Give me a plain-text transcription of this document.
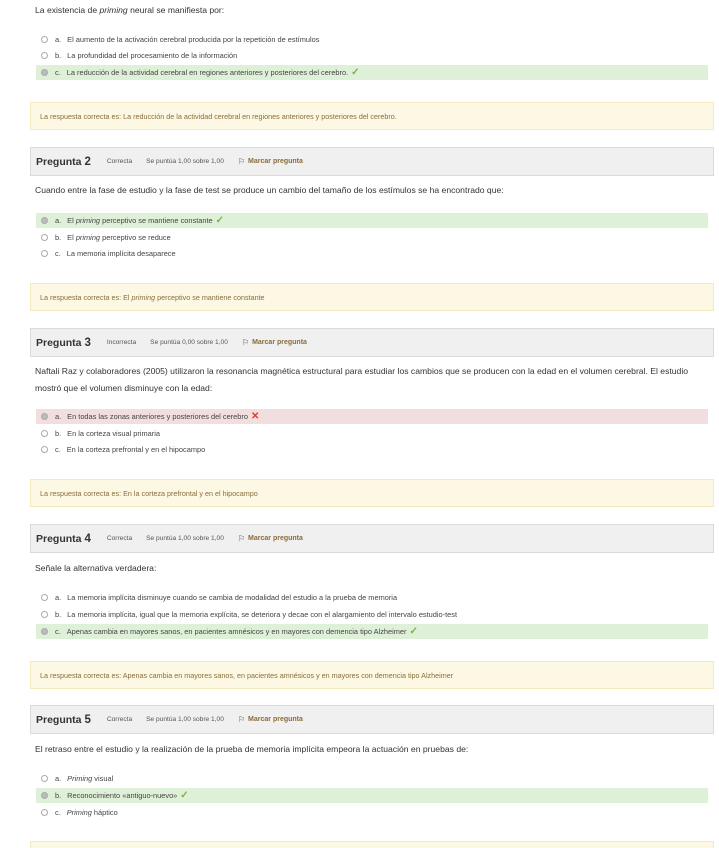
La existencia de priming neural se manifiesta por:
a. El aumento de la activación cerebral producida por la repetición de estímulos
b. La profundidad del procesamiento de la información
c. La reducción de la actividad cerebral en regiones anteriores y posteriores del cerebro. ✓
La respuesta correcta es: La reducción de la actividad cerebral en regiones anteriores y posteriores del cerebro.
Pregunta 2 Correcta Se puntúa 1,00 sobre 1,00 ⚐ Marcar pregunta
Cuando entre la fase de estudio y la fase de test se produce un cambio del tamaño de los estímulos se ha encontrado que:
a. El
priming
perceptivo se mantiene constante ✓
b. El
priming
perceptivo se reduce
c. La memoria implícita desaparece
La respuesta correcta es: El
priming
perceptivo se mantiene constante
Pregunta 3 Incorrecta Se puntúa 0,00 sobre 1,00 ⚐ Marcar pregunta
Naftali Raz y colaboradores (2005) utilizaron la resonancia magnética estructural para estudiar los cambios que se producen con la edad en el volumen cerebral. El estudio mostró que el volumen disminuye con la edad:
a. En todas las zonas anteriores y posteriores del cerebro ✕
b. En la corteza visual primaria
c. En la corteza prefrontal y en el hipocampo
La respuesta correcta es: En la corteza prefrontal y en el hipocampo
Pregunta 4 Correcta Se puntúa 1,00 sobre 1,00 ⚐ Marcar pregunta
Señale la alternativa verdadera:
a. La memoria implícita disminuye cuando se cambia de modalidad del estudio a la prueba de memoria
b. La memoria implícita, igual que la memoria explícita, se deteriora y decae con el alargamiento del intervalo estudio-test
c. Apenas cambia en mayores sanos, en pacientes amnésicos y en mayores con demencia tipo Alzheimer ✓
La respuesta correcta es: Apenas cambia en mayores sanos, en pacientes amnésicos y en mayores con demencia tipo Alzheimer
Pregunta 5 Correcta Se puntúa 1,00 sobre 1,00 ⚐ Marcar pregunta
El retraso entre el estudio y la realización de la prueba de memoria implícita empeora la actuación en pruebas de:
a. Priming
visual
b. Reconocimiento «antiguo-nuevo» ✓
c. Priming
háptico
